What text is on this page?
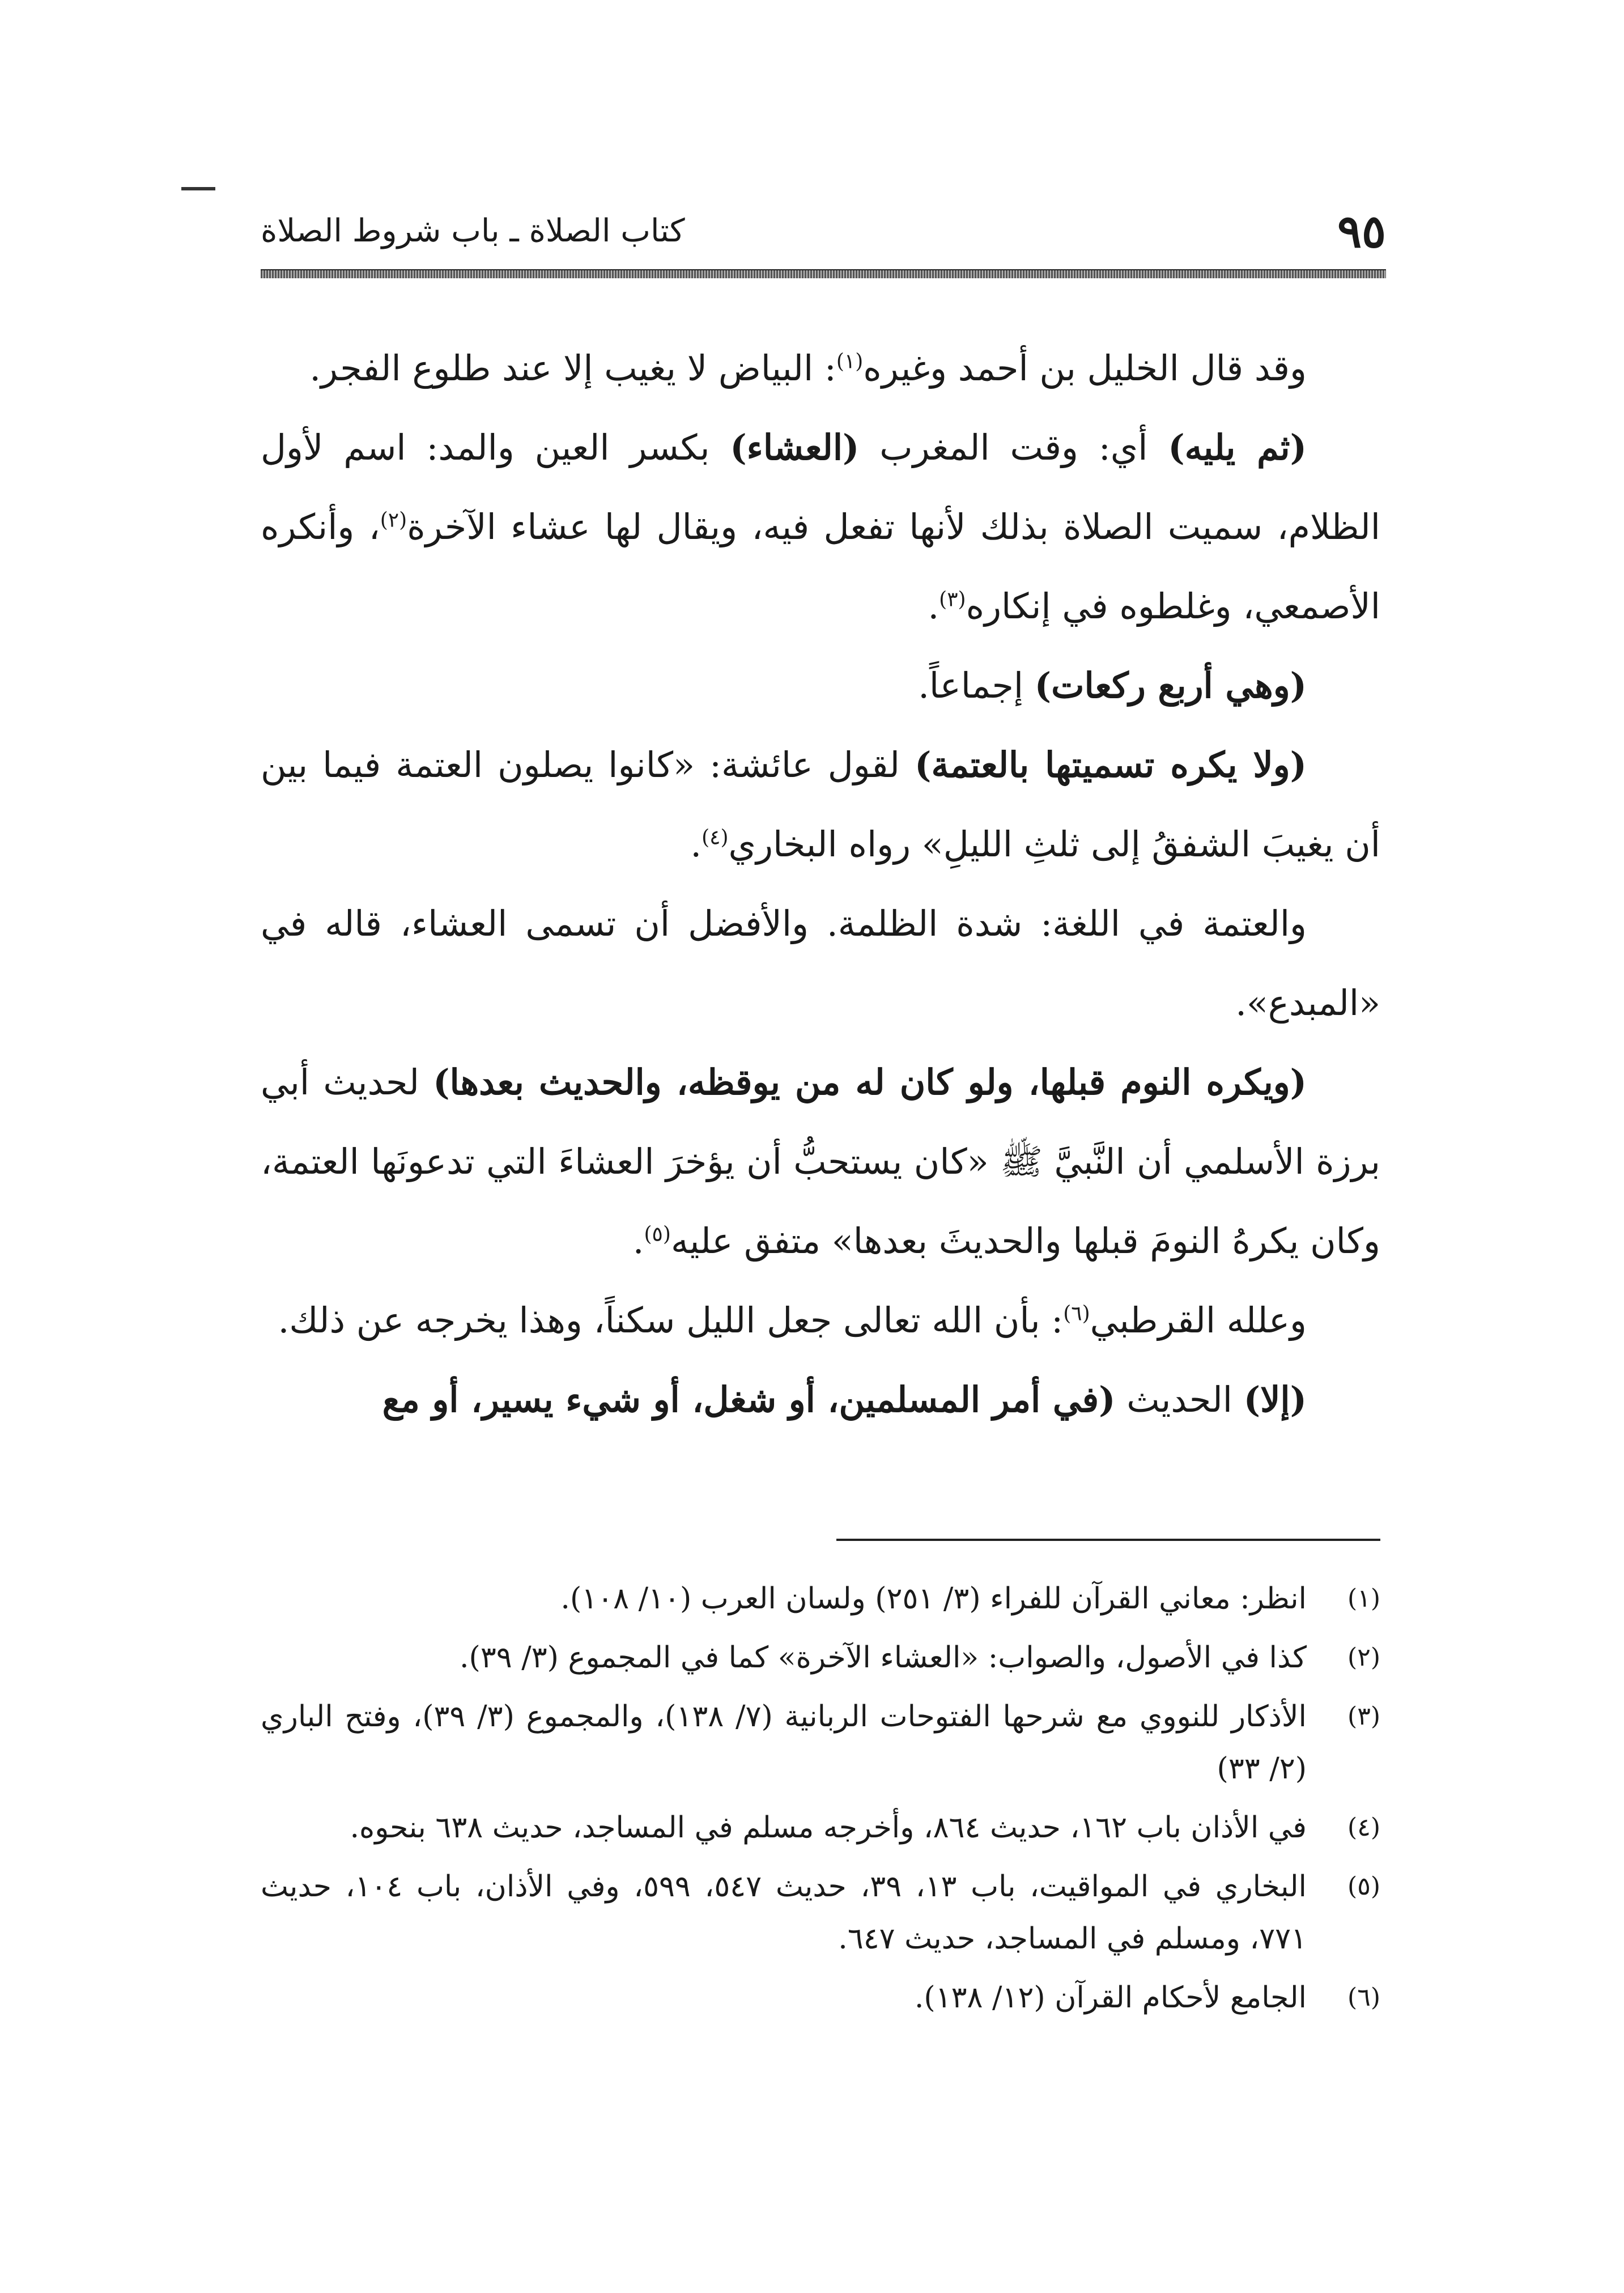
كتاب الصلاة ـ باب شروط الصلاة	٩٥

وقد قال الخليل بن أحمد وغيره$^{(١)}$: البياض لا يغيب إلا عند طلوع الفجر.

(ثم يليه) أي: وقت المغرب (العشاء) بكسر العين والمد: اسم لأول الظلام، سميت الصلاة بذلك لأنها تفعل فيه، ويقال لها عشاء الآخرة$^{(٢)}$، وأنكره الأصمعي، وغلطوه في إنكاره$^{(٣)}$.

(وهي أربع ركعات) إجماعاً.

(ولا يكره تسميتها بالعتمة) لقول عائشة: «كانوا يصلون العتمة فيما بين أن يغيبَ الشفقُ إلى ثلثِ الليلِ» رواه البخاري$^{(٤)}$.

والعتمة في اللغة: شدة الظلمة. والأفضل أن تسمى العشاء، قاله في «المبدع».

(ويكره النوم قبلها، ولو كان له من يوقظه، والحديث بعدها) لحديث أبي برزة الأسلمي أن النَّبيَّ ﷺ «كان يستحبُّ أن يؤخرَ العشاءَ التي تدعونَها العتمة، وكان يكرهُ النومَ قبلها والحديثَ بعدها» متفق عليه$^{(٥)}$.

وعلله القرطبي$^{(٦)}$: بأن الله تعالى جعل الليل سكناً، وهذا يخرجه عن ذلك.

(إلا) الحديث (في أمر المسلمين، أو شغل، أو شيء يسير، أو مع

(١)
انظر: معاني القرآن للفراء (٣/ ٢٥١) ولسان العرب (١٠/ ١٠٨).
(٢)
كذا في الأصول، والصواب: «العشاء الآخرة» كما في المجموع (٣/ ٣٩).
(٣)
الأذكار للنووي مع شرحها الفتوحات الربانية (٧/ ١٣٨)، والمجموع (٣/ ٣٩)، وفتح الباري (٢/ ٣٣)
(٤)
في الأذان باب ١٦٢، حديث ٨٦٤، وأخرجه مسلم في المساجد، حديث ٦٣٨ بنحوه.
(٥)
البخاري في المواقيت، باب ١٣، ٣٩، حديث ٥٤٧، ٥٩٩، وفي الأذان، باب ١٠٤، حديث ٧٧١، ومسلم في المساجد، حديث ٦٤٧.
(٦)
الجامع لأحكام القرآن (١٢/ ١٣٨).
